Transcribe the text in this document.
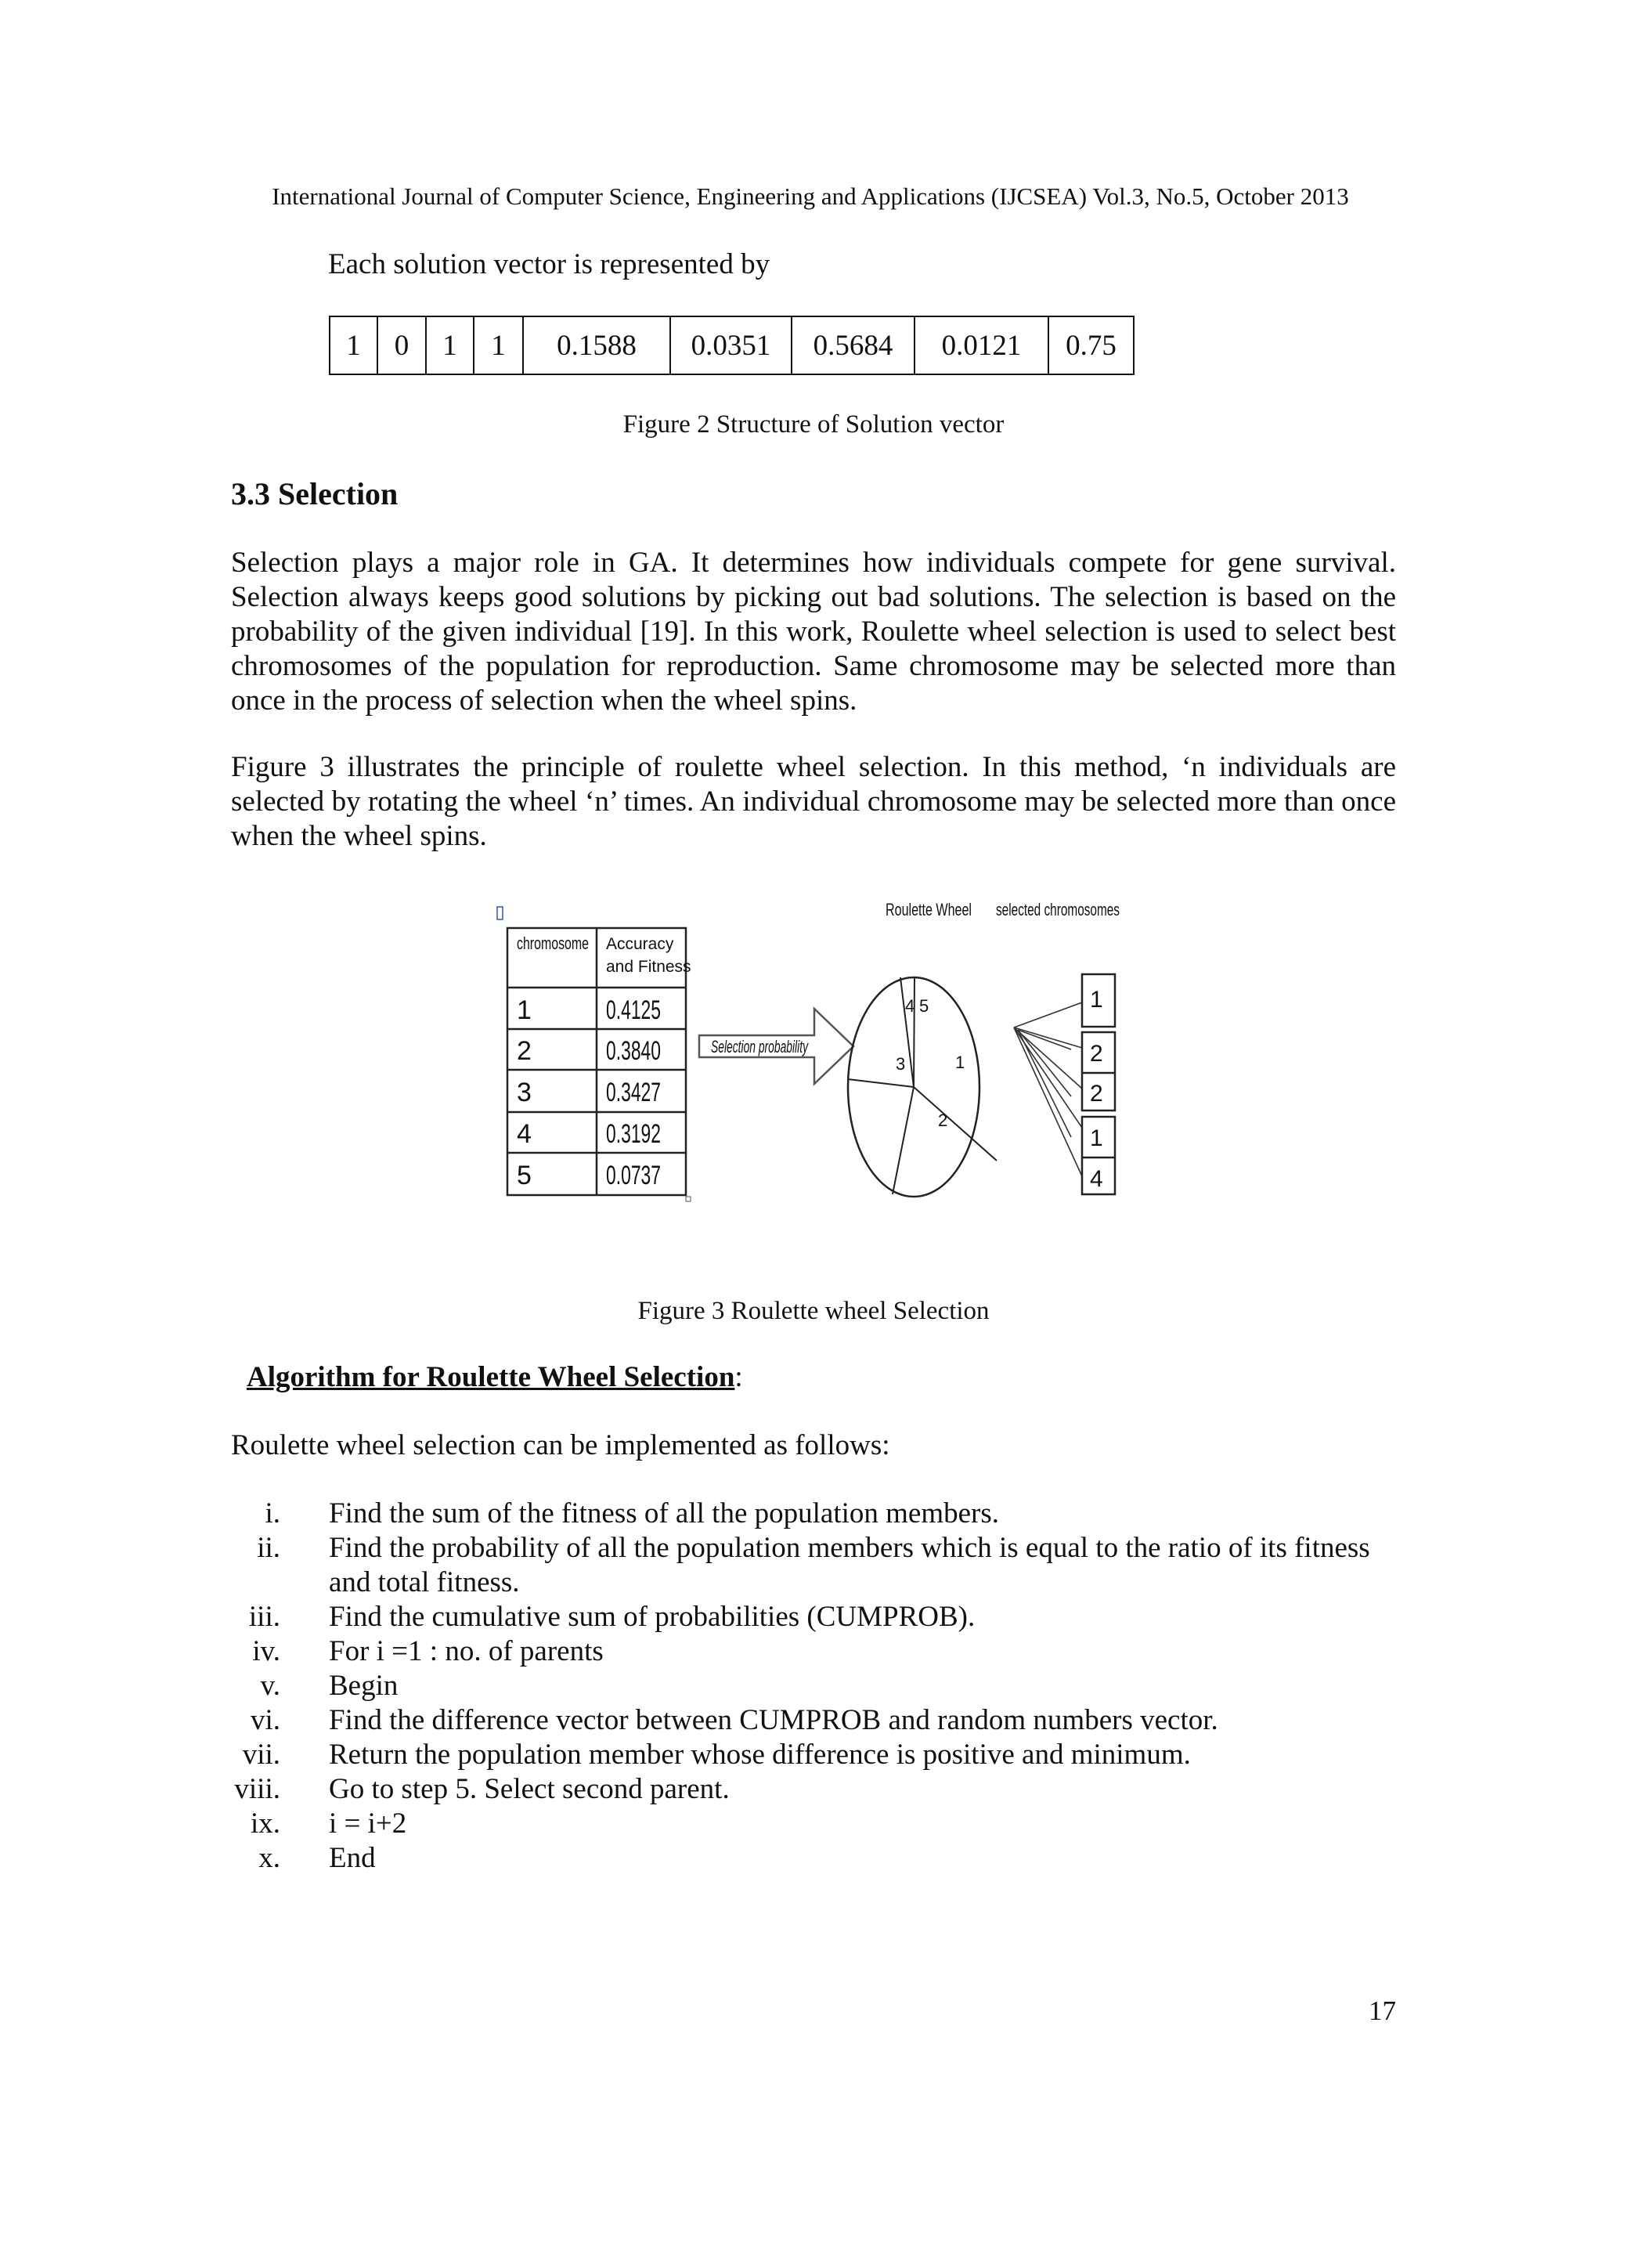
International Journal of Computer Science, Engineering and Applications (IJCSEA) Vol.3, No.5, October 2013
Each solution vector is represented by
1	0	1	1	0.1588	0.0351	0.5684	0.0121	0.75
Figure 2 Structure of Solution vector
3.3 Selection
Selection plays a major role in GA. It determines how individuals compete for gene survival. Selection always keeps good solutions by picking out bad solutions. The selection is based on the probability of the given individual [19]. In this work, Roulette wheel selection is used to select best chromosomes of the population for reproduction. Same chromosome may be selected more than once in the process of selection when the wheel spins.
Figure 3 illustrates the principle of roulette wheel selection. In this method, ‘n individuals are selected by rotating the wheel ‘n’ times. An individual chromosome may be selected more than once when the wheel spins.
chromosome Accuracy
and Fitness
1	0.4125
2	0.3840
3	0.3427
4	0.3192
5	0.0737
Selection probability
Roulette Wheel selected chromosomes
4 5
3	1
2
1
2
2
1
4
Figure 3 Roulette wheel Selection
Algorithm for Roulette Wheel Selection:
Roulette wheel selection can be implemented as follows:
i. Find the sum of the fitness of all the population members.
ii. Find the probability of all the population members which is equal to the ratio of its fitness and total fitness.
iii. Find the cumulative sum of probabilities (CUMPROB).
iv. For i =1 : no. of parents
v. Begin
vi. Find the difference vector between CUMPROB and random numbers vector.
vii. Return the population member whose difference is positive and minimum.
viii. Go to step 5. Select second parent.
ix. i = i+2
x. End
17
